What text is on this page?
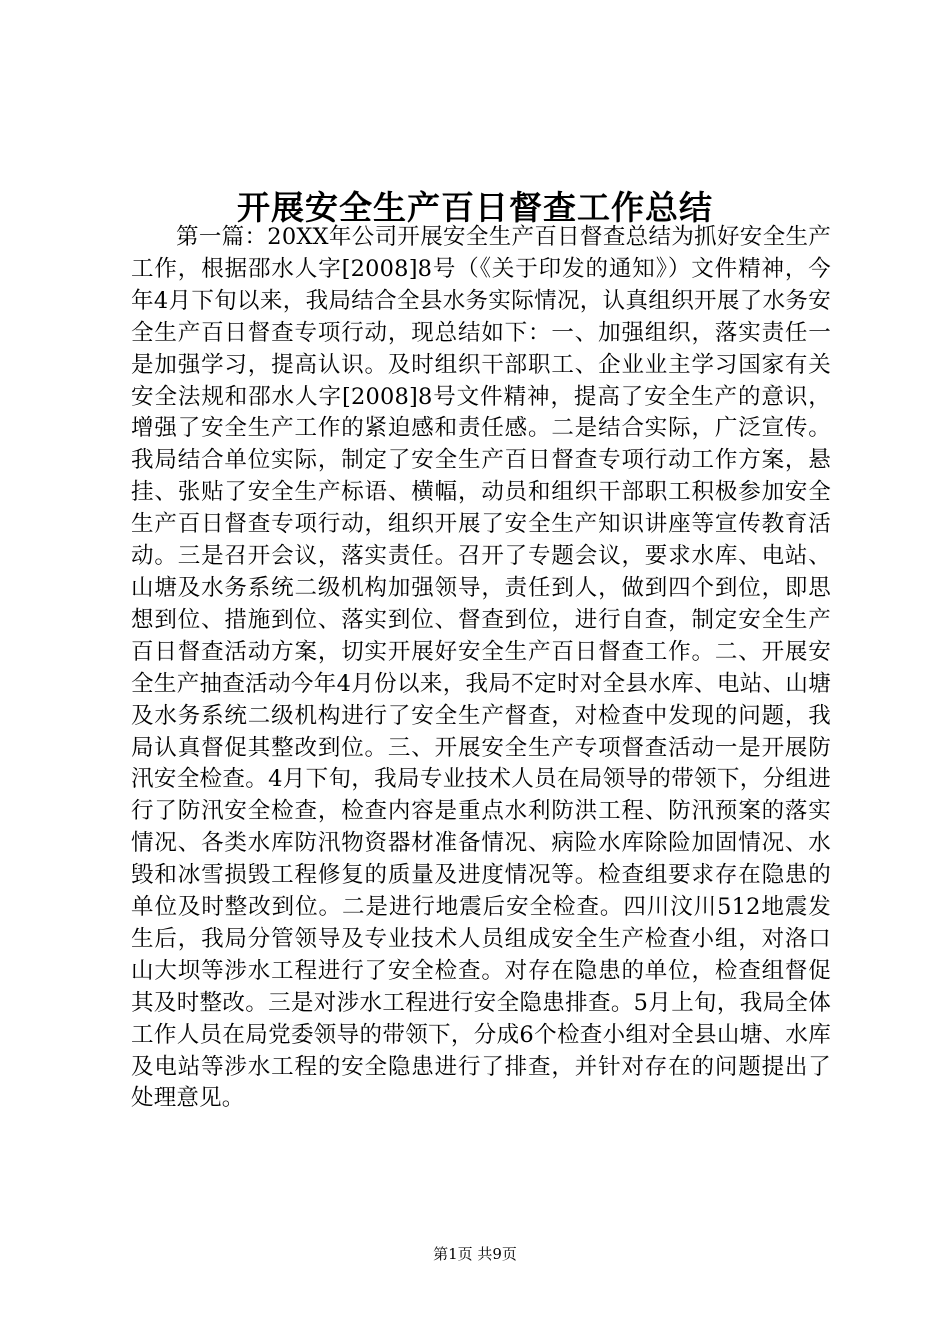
开展安全生产百日督查工作总结

第一篇：20XX年公司开展安全生产百日督查总结为抓好安全生产工作，根据邵水人字[2008]8号（《关于印发的通知》）文件精神，今年4月下旬以来，我局结合全县水务实际情况，认真组织开展了水务安全生产百日督查专项行动，现总结如下：一、加强组织，落实责任一是加强学习，提高认识。及时组织干部职工、企业业主学习国家有关安全法规和邵水人字[2008]8号文件精神，提高了安全生产的意识，增强了安全生产工作的紧迫感和责任感。二是结合实际，广泛宣传。我局结合单位实际，制定了安全生产百日督查专项行动工作方案，悬挂、张贴了安全生产标语、横幅，动员和组织干部职工积极参加安全生产百日督查专项行动，组织开展了安全生产知识讲座等宣传教育活动。三是召开会议，落实责任。召开了专题会议，要求水库、电站、山塘及水务系统二级机构加强领导，责任到人，做到四个到位，即思想到位、措施到位、落实到位、督查到位，进行自查，制定安全生产百日督查活动方案，切实开展好安全生产百日督查工作。二、开展安全生产抽查活动今年4月份以来，我局不定时对全县水库、电站、山塘及水务系统二级机构进行了安全生产督查，对检查中发现的问题，我局认真督促其整改到位。三、开展安全生产专项督查活动一是开展防汛安全检查。4月下旬，我局专业技术人员在局领导的带领下，分组进行了防汛安全检查，检查内容是重点水利防洪工程、防汛预案的落实情况、各类水库防汛物资器材准备情况、病险水库除险加固情况、水毁和冰雪损毁工程修复的质量及进度情况等。检查组要求存在隐患的单位及时整改到位。二是进行地震后安全检查。四川汶川512地震发生后，我局分管领导及专业技术人员组成安全生产检查小组，对洛口山大坝等涉水工程进行了安全检查。对存在隐患的单位，检查组督促其及时整改。三是对涉水工程进行安全隐患排查。5月上旬，我局全体工作人员在局党委领导的带领下，分成6个检查小组对全县山塘、水库及电站等涉水工程的安全隐患进行了排查，并针对存在的问题提出了处理意见。

第1页 共9页
